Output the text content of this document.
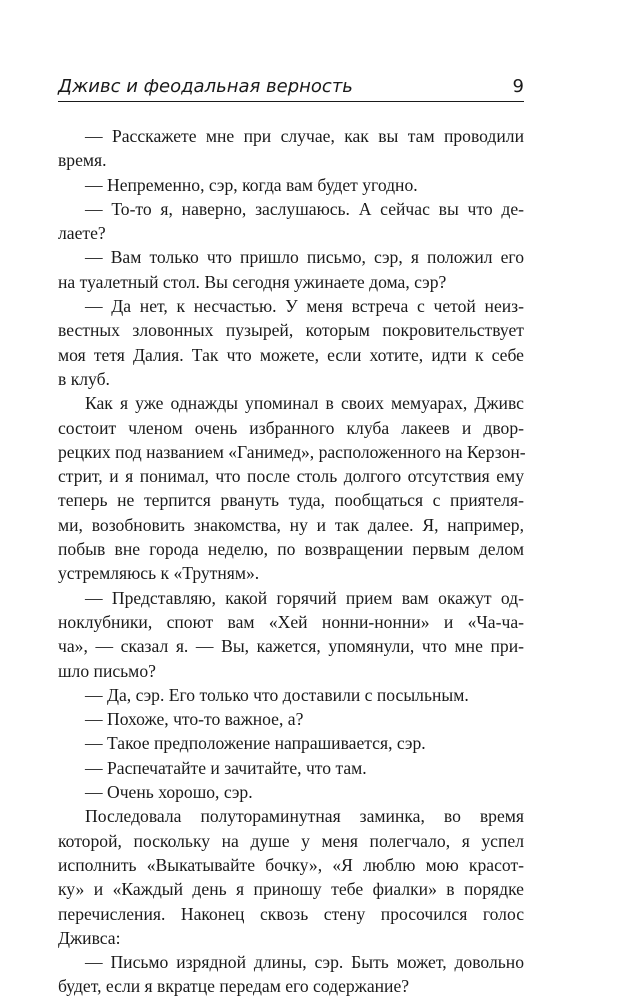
Дживс и феодальная верность	9
— Расскажете мне при случае, как вы там проводили
время.
— Непременно, сэр, когда вам будет угодно.
— То-то я, наверно, заслушаюсь. А сейчас вы что де-
лаете?
— Вам только что пришло письмо, сэр, я положил его
на туалетный стол. Вы сегодня ужинаете дома, сэр?
— Да нет, к несчастью. У меня встреча с четой неиз-
вестных зловонных пузырей, которым покровительствует
моя тетя Далия. Так что можете, если хотите, идти к себе
в клуб.
Как я уже однажды упоминал в своих мемуарах, Дживс
состоит членом очень избранного клуба лакеев и двор-
рецких под названием «Ганимед», расположенного на Керзон-
стрит, и я понимал, что после столь долгого отсутствия ему
теперь не терпится рвануть туда, пообщаться с приятеля-
ми, возобновить знакомства, ну и так далее. Я, например,
побыв вне города неделю, по возвращении первым делом
устремляюсь к «Трутням».
— Представляю, какой горячий прием вам окажут од-
ноклубники, споют вам «Хей нонни-нонни» и «Ча-ча-
ча», — сказал я. — Вы, кажется, упомянули, что мне при-
шло письмо?
— Да, сэр. Его только что доставили с посыльным.
— Похоже, что-то важное, а?
— Такое предположение напрашивается, сэр.
— Распечатайте и зачитайте, что там.
— Очень хорошо, сэр.
Последовала полутораминутная заминка, во время
которой, поскольку на душе у меня полегчало, я успел
исполнить «Выкатывайте бочку», «Я люблю мою красот-
ку» и «Каждый день я приношу тебе фиалки» в порядке
перечисления. Наконец сквозь стену просочился голос
Дживса:
— Письмо изрядной длины, сэр. Быть может, довольно
будет, если я вкратце передам его содержание?
